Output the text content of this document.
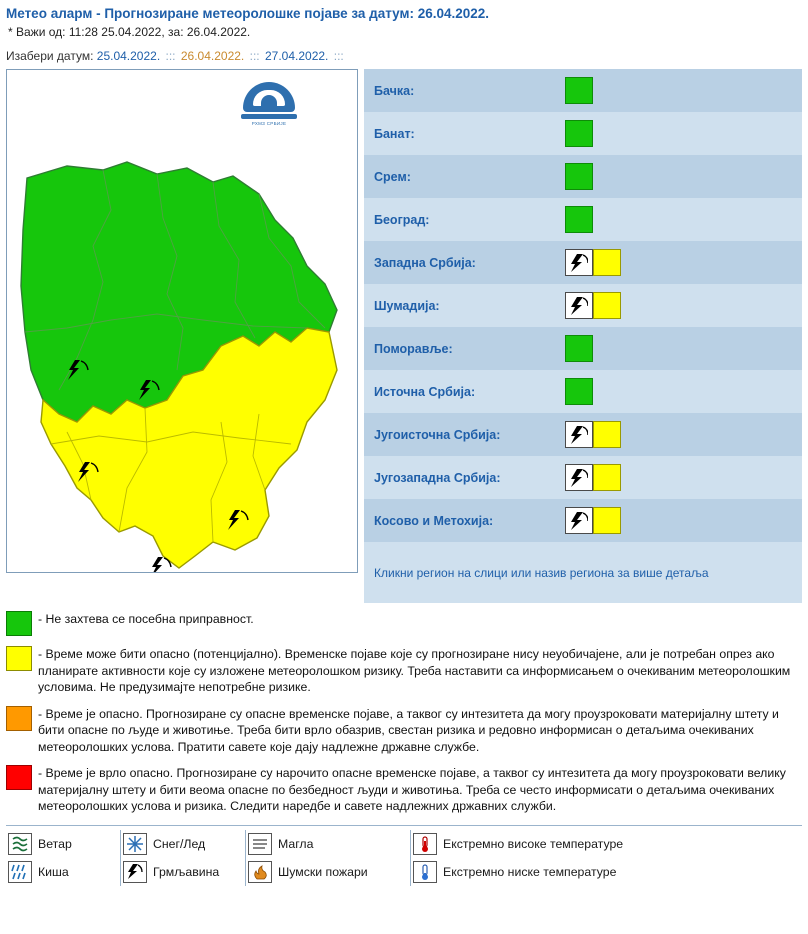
Метео аларм - Прогнозиране метеоролошке појаве за датум: 26.04.2022.
* Важи од: 11:28 25.04.2022, за: 26.04.2022.
Изабери датум: 25.04.2022. ::: 26.04.2022. ::: 27.04.2022. :::
РХМЗ СРБИЈЕ
Бачка:	

Банат:	

Срем:	

Београд:	

Западна Србија:	

Шумадија:	

Поморавље:	

Источна Србија:	

Југоисточна Србија:	

Југозападна Србија:	

Косово и Метохија:	

Кликни регион на слици или назив региона за више детаља	
- Не захтева се посебна приправност.
- Време може бити опасно (потенцијално). Временске појаве које су прогнозиране нису неуобичајене, али је потребан опрез ако планирате активности које су изложене метеоролошком ризику. Треба наставити са информисањем о очекиваним метеоролошким условима. Не предузимајте непотребне ризике.
- Време је опасно. Прогнозиране су опасне временске појаве, а таквог су интезитета да могу проузроковати материјалну штету и бити опасне по људе и животиње. Треба бити вpло обазрив, свестан ризика и редовно информисан о детаљима очекиваних метеоролошких услова. Пратити савете које дају надлежне државне службе.
- Време је врло опасно. Прогнозиране су нарочито опасне временске појаве, а таквог су интезитета да могу проузроковати велику материјалну штету и бити веома опасне по безбедност људи и животиња. Треба се често информисати о детаљима очекиваних метеоролошких услова и ризика. Следити наредбе и савете надлежних државних служби.
Ветар	Снег/Лед	Магла	Екстремно високе температуре

Киша	Грмљавина	Шумски пожари	Екстремно ниске температуре
